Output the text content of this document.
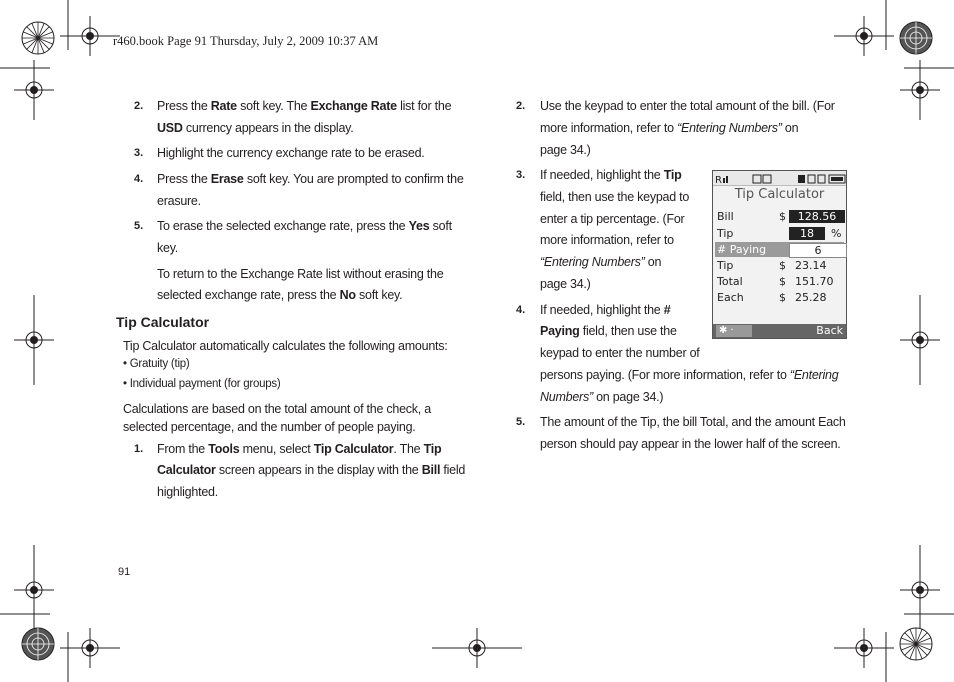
r460.book Page 91 Thursday, July 2, 2009 10:37 AM
2. Press the Rate soft key. The Exchange Rate list for the
USD currency appears in the display.
3. Highlight the currency exchange rate to be erased.
4. Press the Erase soft key. You are prompted to confirm the
erasure.
5. To erase the selected exchange rate, press the Yes soft
key.
To return to the Exchange Rate list without erasing the
selected exchange rate, press the No soft key.
Tip Calculator
Tip Calculator automatically calculates the following amounts:
• Gratuity (tip)
• Individual payment (for groups)
Calculations are based on the total amount of the check, a
selected percentage, and the number of people paying.
1. From the Tools menu, select Tip Calculator. The Tip
Calculator screen appears in the display with the Bill field
highlighted.
2. Use the keypad to enter the total amount of the bill. (For
more information, refer to “Entering Numbers” on
page 34.)
3. If needed, highlight the Tip
field, then use the keypad to
enter a tip percentage. (For
more information, refer to
“Entering Numbers” on
page 34.)
4. If needed, highlight the #
Paying field, then use the
keypad to enter the number of
persons paying. (For more information, refer to “Entering
Numbers” on page 34.)
5. The amount of the Tip, the bill Total, and the amount Each
person should pay appear in the lower half of the screen.
R
Tip Calculator
Bill	$	128.56
Tip	18	%
# Paying	6
Tip	$ 23.14
Total	$ 151.70
Each	$ 25.28
✱ ·	Back
91
